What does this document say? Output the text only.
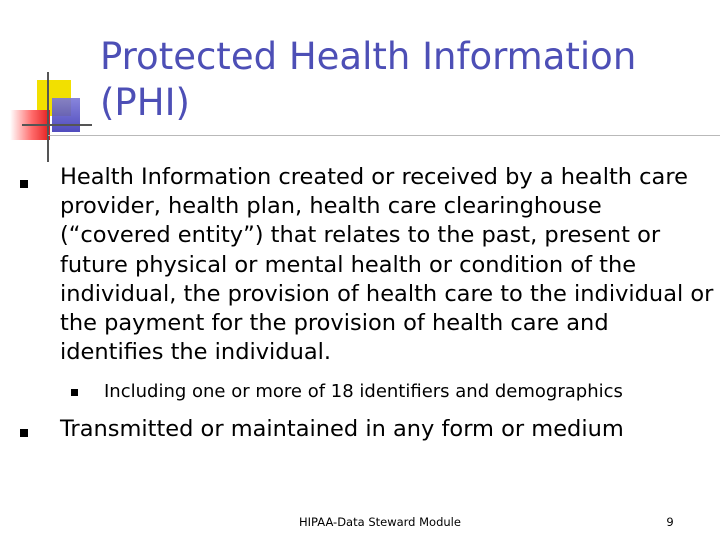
Protected Health Information (PHI)

Health Information created or received by a health care provider, health plan, health care clearinghouse (“covered entity”) that relates to the past, present or future physical or mental health or condition of the individual, the provision of health care to the individual or the payment for the provision of health care and identifies the individual.

Including one or more of 18 identifiers and demographics

Transmitted or maintained in any form or medium

HIPAA-Data Steward Module	9
